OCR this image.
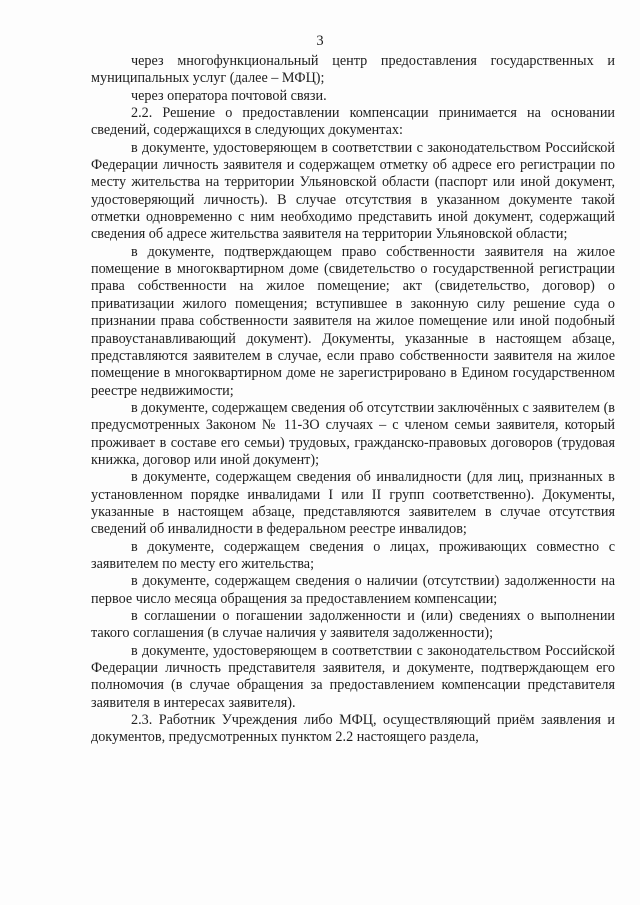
3

через многофункциональный центр предоставления государственных и муниципальных услуг (далее – МФЦ);

через оператора почтовой связи.

2.2. Решение о предоставлении компенсации принимается на основании сведений, содержащихся в следующих документах:

в документе, удостоверяющем в соответствии с законодательством Российской Федерации личность заявителя и содержащем отметку об адресе его регистрации по месту жительства на территории Ульяновской области (паспорт или иной документ, удостоверяющий личность). В случае отсутствия в указанном документе такой отметки одновременно с ним необходимо представить иной документ, содержащий сведения об адресе жительства заявителя на территории Ульяновской области;

в документе, подтверждающем право собственности заявителя на жилое помещение в многоквартирном доме (свидетельство о государственной регистрации права собственности на жилое помещение; акт (свидетельство, договор) о приватизации жилого помещения; вступившее в законную силу решение суда о признании права собственности заявителя на жилое помещение или иной подобный правоустанавливающий документ). Документы, указанные в настоящем абзаце, представляются заявителем в случае, если право собственности заявителя на жилое помещение в многоквартирном доме не зарегистрировано в Едином государственном реестре недвижимости;

в документе, содержащем сведения об отсутствии заключённых с заявителем (в предусмотренных Законом № 11-ЗО случаях – с членом семьи заявителя, который проживает в составе его семьи) трудовых, гражданско-правовых договоров (трудовая книжка, договор или иной документ);

в документе, содержащем сведения об инвалидности (для лиц, признанных в установленном порядке инвалидами I или II групп соответственно). Документы, указанные в настоящем абзаце, представляются заявителем в случае отсутствия сведений об инвалидности в федеральном реестре инвалидов;

в документе, содержащем сведения о лицах, проживающих совместно с заявителем по месту его жительства;

в документе, содержащем сведения о наличии (отсутствии) задолженности на первое число месяца обращения за предоставлением компенсации;

в соглашении о погашении задолженности и (или) сведениях о выполнении такого соглашения (в случае наличия у заявителя задолженности);

в документе, удостоверяющем в соответствии с законодательством Российской Федерации личность представителя заявителя, и документе, подтверждающем его полномочия (в случае обращения за предоставлением компенсации представителя заявителя в интересах заявителя).

2.3. Работник Учреждения либо МФЦ, осуществляющий приём заявления и документов, предусмотренных пунктом 2.2 настоящего раздела,
